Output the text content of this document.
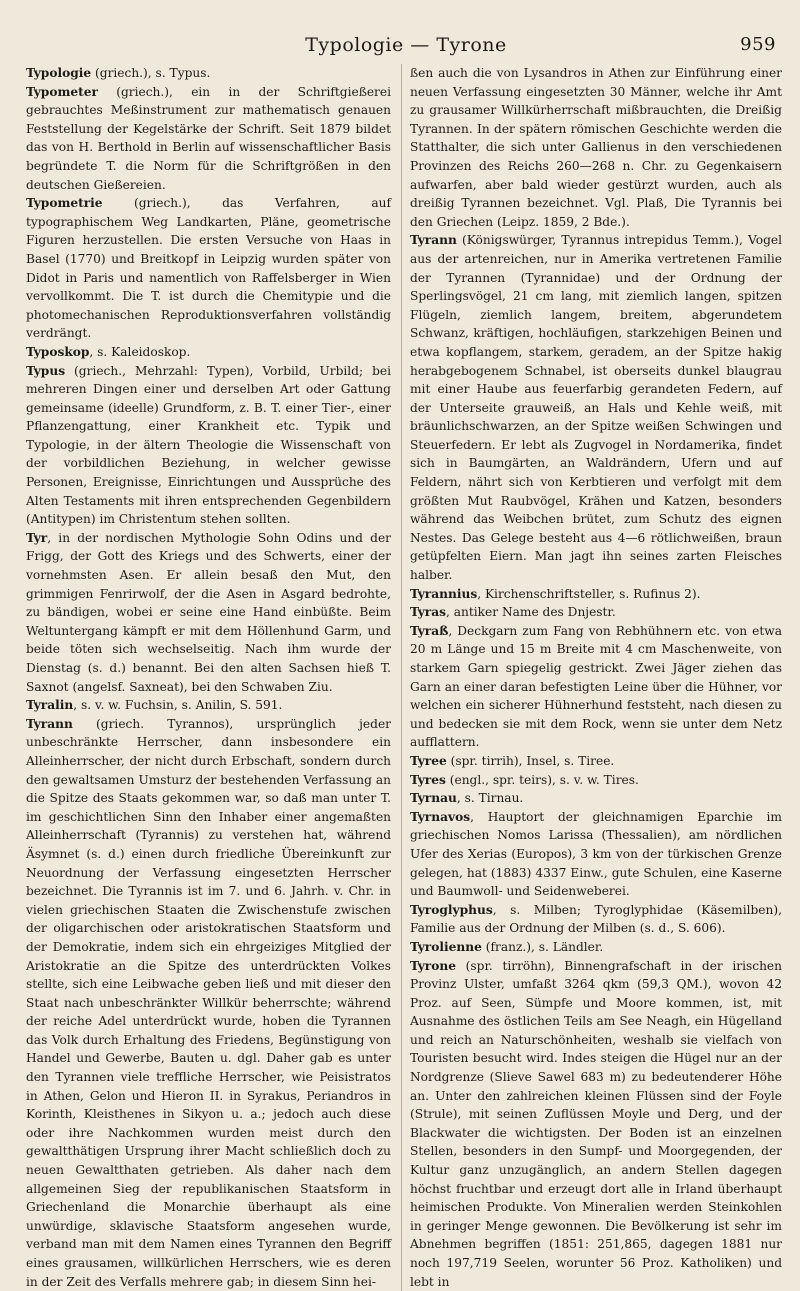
Typologie — Tyrone	959

Typologie (griech.), s. Typus.

Typometer (griech.), ein in der Schriftgießerei gebrauchtes Meßinstrument zur mathematisch genauen Feststellung der Kegelstärke der Schrift. Seit 1879 bildet das von H. Berthold in Berlin auf wissenschaftlicher Basis begründete T. die Norm für die Schriftgrößen in den deutschen Gießereien.

Typometrie (griech.), das Verfahren, auf typographischem Weg Landkarten, Pläne, geometrische Figuren herzustellen. Die ersten Versuche von Haas in Basel (1770) und Breitkopf in Leipzig wurden später von Didot in Paris und namentlich von Raffelsberger in Wien vervollkommt. Die T. ist durch die Chemitypie und die photomechanischen Reproduktionsverfahren vollständig verdrängt.

Typoskop, s. Kaleidoskop.

Typus (griech., Mehrzahl: Typen), Vorbild, Urbild; bei mehreren Dingen einer und derselben Art oder Gattung gemeinsame (ideelle) Grundform, z. B. T. einer Tier-, einer Pflanzengattung, einer Krankheit etc. Typik und Typologie, in der ältern Theologie die Wissenschaft von der vorbildlichen Beziehung, in welcher gewisse Personen, Ereignisse, Einrichtungen und Aussprüche des Alten Testaments mit ihren entsprechenden Gegenbildern (Antitypen) im Christentum stehen sollten.

Tyr, in der nordischen Mythologie Sohn Odins und der Frigg, der Gott des Kriegs und des Schwerts, einer der vornehmsten Asen. Er allein besaß den Mut, den grimmigen Fenrirwolf, der die Asen in Asgard bedrohte, zu bändigen, wobei er seine eine Hand einbüßte. Beim Weltuntergang kämpft er mit dem Höllenhund Garm, und beide töten sich wechselseitig. Nach ihm wurde der Dienstag (s. d.) benannt. Bei den alten Sachsen hieß T. Saxnot (angelsf. Saxneat), bei den Schwaben Ziu.

Tyralin, s. v. w. Fuchsin, s. Anilin, S. 591.

Tyrann (griech. Tyrannos), ursprünglich jeder unbeschränkte Herrscher, dann insbesondere ein Alleinherrscher, der nicht durch Erbschaft, sondern durch den gewaltsamen Umsturz der bestehenden Verfassung an die Spitze des Staats gekommen war, so daß man unter T. im geschichtlichen Sinn den Inhaber einer angemaßten Alleinherrschaft (Tyrannis) zu verstehen hat, während Äsymnet (s. d.) einen durch friedliche Übereinkunft zur Neuordnung der Verfassung eingesetzten Herrscher bezeichnet. Die Tyrannis ist im 7. und 6. Jahrh. v. Chr. in vielen griechischen Staaten die Zwischenstufe zwischen der oligarchischen oder aristokratischen Staatsform und der Demokratie, indem sich ein ehrgeiziges Mitglied der Aristokratie an die Spitze des unterdrückten Volkes stellte, sich eine Leibwache geben ließ und mit dieser den Staat nach unbeschränkter Willkür beherrschte; während der reiche Adel unterdrückt wurde, hoben die Tyrannen das Volk durch Erhaltung des Friedens, Begünstigung von Handel und Gewerbe, Bauten u. dgl. Daher gab es unter den Tyrannen viele treffliche Herrscher, wie Peisistratos in Athen, Gelon und Hieron II. in Syrakus, Periandros in Korinth, Kleisthenes in Sikyon u. a.; jedoch auch diese oder ihre Nachkommen wurden meist durch den gewaltthätigen Ursprung ihrer Macht schließlich doch zu neuen Gewaltthaten getrieben. Als daher nach dem allgemeinen Sieg der republikanischen Staatsform in Griechenland die Monarchie überhaupt als eine unwürdige, sklavische Staatsform angesehen wurde, verband man mit dem Namen eines Tyrannen den Begriff eines grausamen, willkürlichen Herrschers, wie es deren in der Zeit des Verfalls mehrere gab; in diesem Sinn hei-

ßen auch die von Lysandros in Athen zur Einführung einer neuen Verfassung eingesetzten 30 Männer, welche ihr Amt zu grausamer Willkürherrschaft mißbrauchten, die Dreißig Tyrannen. In der spätern römischen Geschichte werden die Statthalter, die sich unter Gallienus in den verschiedenen Provinzen des Reichs 260—268 n. Chr. zu Gegenkaisern aufwarfen, aber bald wieder gestürzt wurden, auch als dreißig Tyrannen bezeichnet. Vgl. Plaß, Die Tyrannis bei den Griechen (Leipz. 1859, 2 Bde.).

Tyrann (Königswürger, Tyrannus intrepidus Temm.), Vogel aus der artenreichen, nur in Amerika vertretenen Familie der Tyrannen (Tyrannidae) und der Ordnung der Sperlingsvögel, 21 cm lang, mit ziemlich langen, spitzen Flügeln, ziemlich langem, breitem, abgerundetem Schwanz, kräftigen, hochläufigen, starkzehigen Beinen und etwa kopflangem, starkem, geradem, an der Spitze hakig herabgebogenem Schnabel, ist oberseits dunkel blaugrau mit einer Haube aus feuerfarbig gerandeten Federn, auf der Unterseite grauweiß, an Hals und Kehle weiß, mit bräunlichschwarzen, an der Spitze weißen Schwingen und Steuerfedern. Er lebt als Zugvogel in Nordamerika, findet sich in Baumgärten, an Waldrändern, Ufern und auf Feldern, nährt sich von Kerbtieren und verfolgt mit dem größten Mut Raubvögel, Krähen und Katzen, besonders während das Weibchen brütet, zum Schutz des eignen Nestes. Das Gelege besteht aus 4—6 rötlichweißen, braun getüpfelten Eiern. Man jagt ihn seines zarten Fleisches halber.

Tyrannius, Kirchenschriftsteller, s. Rufinus 2).

Tyras, antiker Name des Dnjestr.

Tyraß, Deckgarn zum Fang von Rebhühnern etc. von etwa 20 m Länge und 15 m Breite mit 4 cm Maschenweite, von starkem Garn spiegelig gestrickt. Zwei Jäger ziehen das Garn an einer daran befestigten Leine über die Hühner, vor welchen ein sicherer Hühnerhund feststeht, nach diesen zu und bedecken sie mit dem Rock, wenn sie unter dem Netz aufflattern.

Tyree (spr. tirrih), Insel, s. Tiree.

Tyres (engl., spr. teirs), s. v. w. Tires.

Tyrnau, s. Tirnau.

Tyrnavos, Hauptort der gleichnamigen Eparchie im griechischen Nomos Larissa (Thessalien), am nördlichen Ufer des Xerias (Europos), 3 km von der türkischen Grenze gelegen, hat (1883) 4337 Einw., gute Schulen, eine Kaserne und Baumwoll- und Seidenweberei.

Tyroglyphus, s. Milben; Tyroglyphidae (Käsemilben), Familie aus der Ordnung der Milben (s. d., S. 606).

Tyrolienne (franz.), s. Ländler.

Tyrone (spr. tirröhn), Binnengrafschaft in der irischen Provinz Ulster, umfaßt 3264 qkm (59,3 QM.), wovon 42 Proz. auf Seen, Sümpfe und Moore kommen, ist, mit Ausnahme des östlichen Teils am See Neagh, ein Hügelland und reich an Naturschönheiten, weshalb sie vielfach von Touristen besucht wird. Indes steigen die Hügel nur an der Nordgrenze (Slieve Sawel 683 m) zu bedeutenderer Höhe an. Unter den zahlreichen kleinen Flüssen sind der Foyle (Strule), mit seinen Zuflüssen Moyle und Derg, und der Blackwater die wichtigsten. Der Boden ist an einzelnen Stellen, besonders in den Sumpf- und Moorgegenden, der Kultur ganz unzugänglich, an andern Stellen dagegen höchst fruchtbar und erzeugt dort alle in Irland überhaupt heimischen Produkte. Von Mineralien werden Steinkohlen in geringer Menge gewonnen. Die Bevölkerung ist sehr im Abnehmen begriffen (1851: 251,865, dagegen 1881 nur noch 197,719 Seelen, worunter 56 Proz. Katholiken) und lebt in
